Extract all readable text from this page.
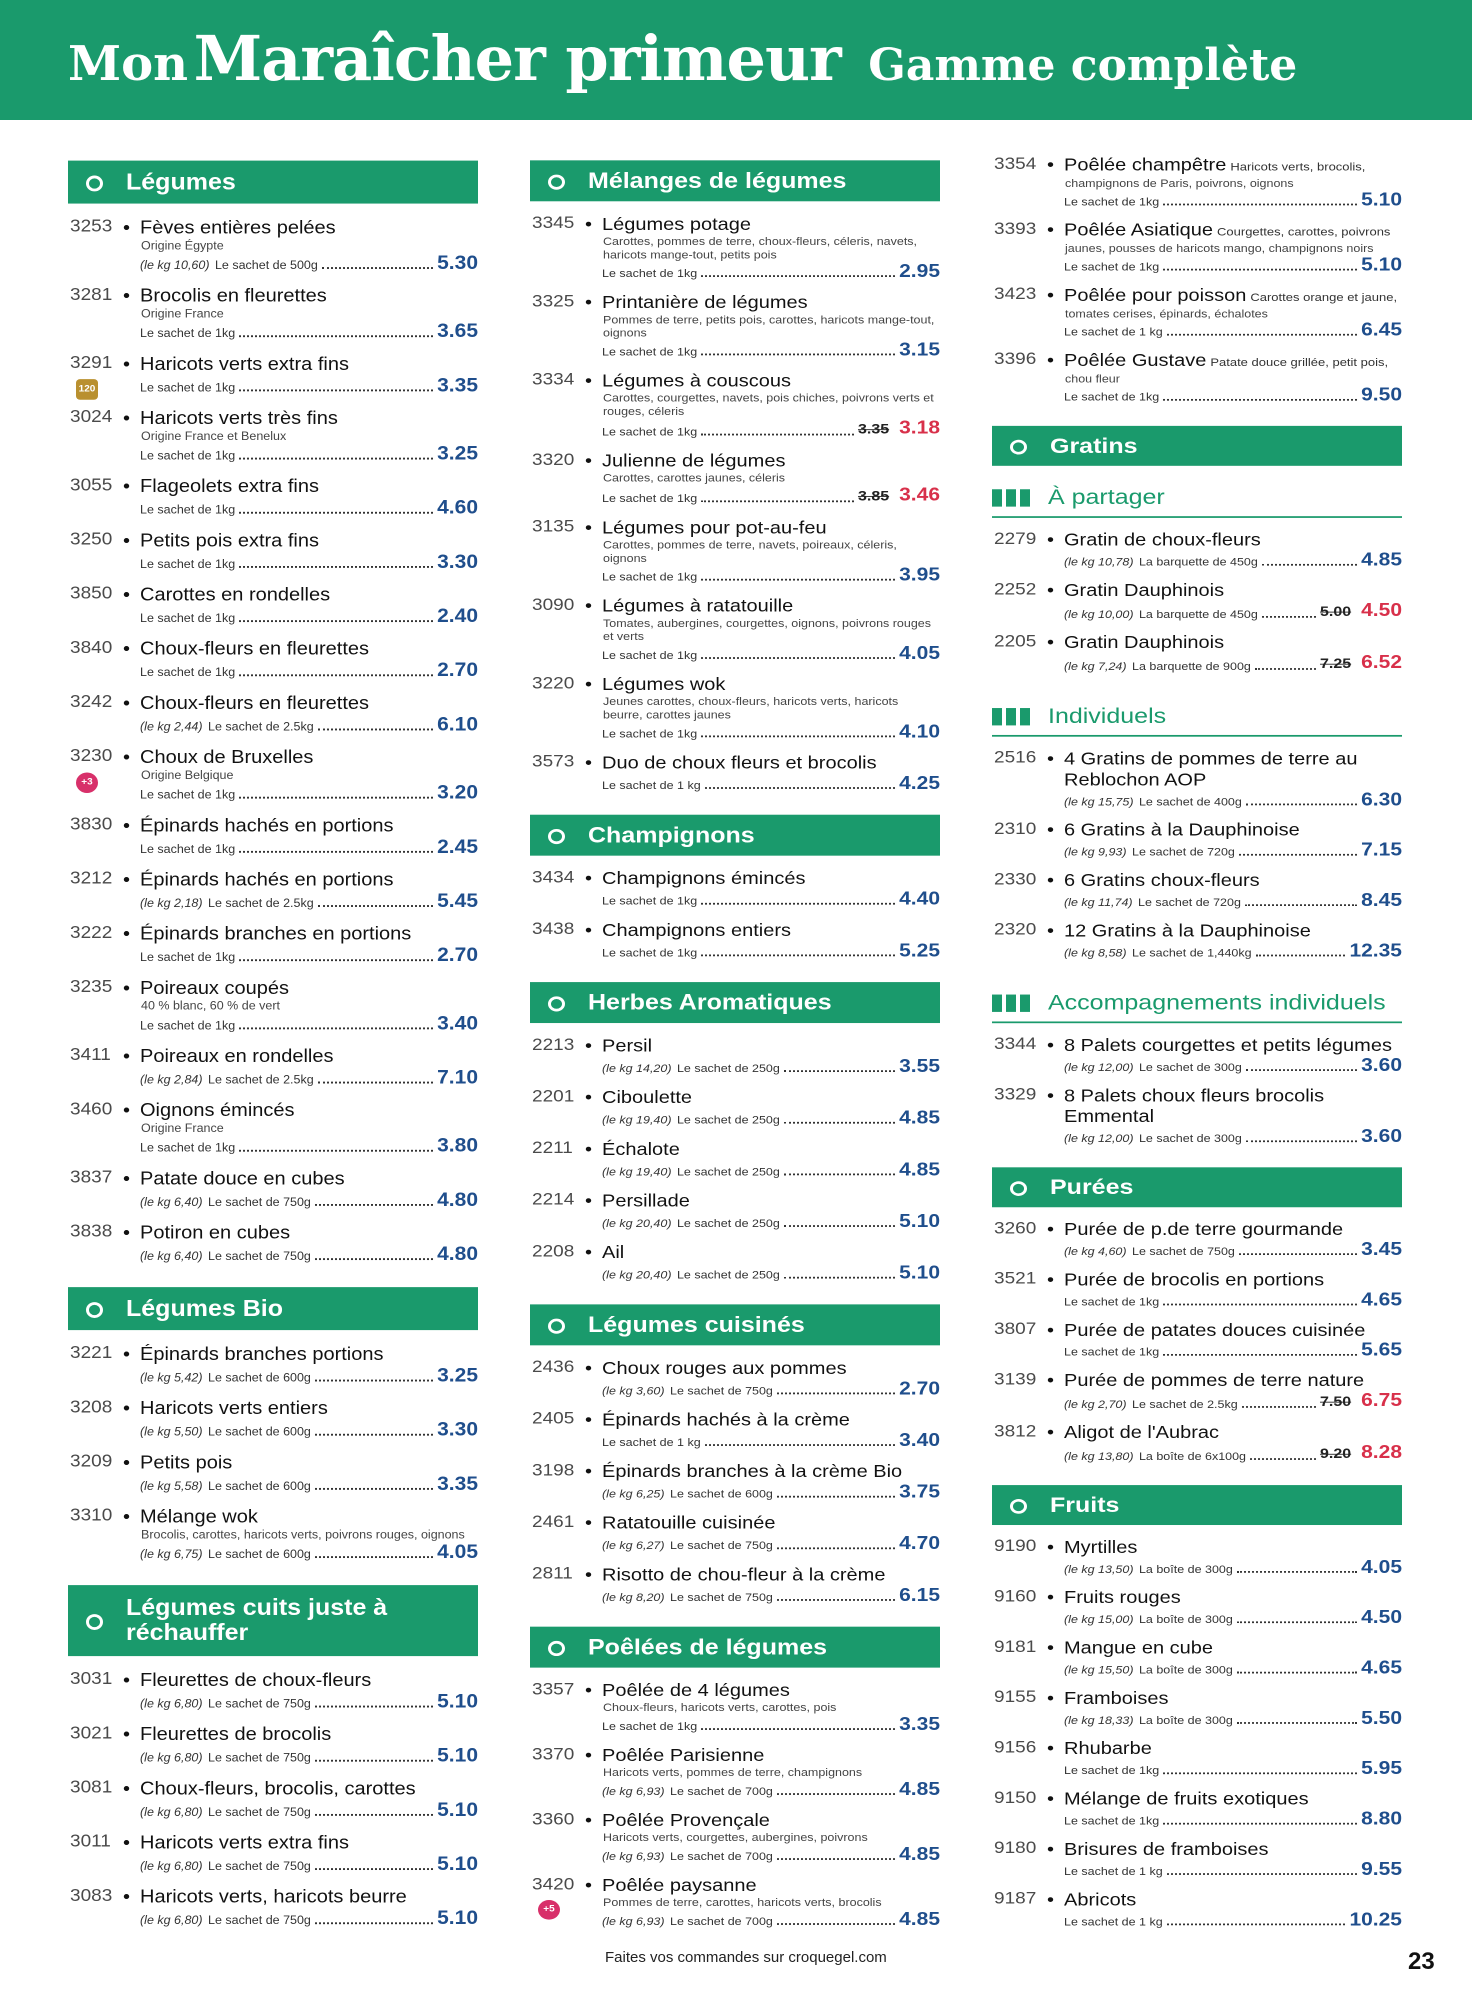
Mon Maraîcher primeur Gamme complète
Légumes
3253 • Fèves entières pelées
Origine Égypte
(le kg 10,60) Le sachet de 500g	5.30
3281 • Brocolis en fleurettes
Origine France
Le sachet de 1kg	3.65
3291
120
• Haricots verts extra fins
Le sachet de 1kg	3.35
3024 • Haricots verts très fins
Origine France et Benelux
Le sachet de 1kg	3.25
3055 • Flageolets extra fins
Le sachet de 1kg	4.60
3250 • Petits pois extra fins
Le sachet de 1kg	3.30
3850 • Carottes en rondelles
Le sachet de 1kg	2.40
3840 • Choux-fleurs en fleurettes
Le sachet de 1kg	2.70
3242 • Choux-fleurs en fleurettes
(le kg 2,44) Le sachet de 2.5kg	6.10
3230
+3
• Choux de Bruxelles
Origine Belgique
Le sachet de 1kg	3.20
3830 • Épinards hachés en portions
Le sachet de 1kg	2.45
3212 • Épinards hachés en portions
(le kg 2,18) Le sachet de 2.5kg	5.45
3222 • Épinards branches en portions
Le sachet de 1kg	2.70
3235 • Poireaux coupés
40 % blanc, 60 % de vert
Le sachet de 1kg	3.40
3411 • Poireaux en rondelles
(le kg 2,84) Le sachet de 2.5kg	7.10
3460 • Oignons émincés
Origine France
Le sachet de 1kg	3.80
3837 • Patate douce en cubes
(le kg 6,40) Le sachet de 750g	4.80
3838 • Potiron en cubes
(le kg 6,40) Le sachet de 750g	4.80
Légumes Bio
3221 • Épinards branches portions
(le kg 5,42) Le sachet de 600g	3.25
3208 • Haricots verts entiers
(le kg 5,50) Le sachet de 600g	3.30
3209 • Petits pois
(le kg 5,58) Le sachet de 600g	3.35
3310 • Mélange wok
Brocolis, carottes, haricots verts, poivrons rouges, oignons
(le kg 6,75) Le sachet de 600g	4.05
Légumes cuits juste à réchauffer
3031 • Fleurettes de choux-fleurs
(le kg 6,80) Le sachet de 750g	5.10
3021 • Fleurettes de brocolis
(le kg 6,80) Le sachet de 750g	5.10
3081 • Choux-fleurs, brocolis, carottes
(le kg 6,80) Le sachet de 750g	5.10
3011 • Haricots verts extra fins
(le kg 6,80) Le sachet de 750g	5.10
3083 • Haricots verts, haricots beurre
(le kg 6,80) Le sachet de 750g	5.10
Mélanges de légumes
3345 • Légumes potage
Carottes, pommes de terre, choux-fleurs, céleris, navets, haricots mange-tout, petits pois
Le sachet de 1kg	2.95
3325 • Printanière de légumes
Pommes de terre, petits pois, carottes, haricots mange-tout, oignons
Le sachet de 1kg	3.15
3334 • Légumes à couscous
Carottes, courgettes, navets, pois chiches, poivrons verts et rouges, céleris
Le sachet de 1kg	3.35 3.18
3320 • Julienne de légumes
Carottes, carottes jaunes, céleris
Le sachet de 1kg	3.85 3.46
3135 • Légumes pour pot-au-feu
Carottes, pommes de terre, navets, poireaux, céleris, oignons
Le sachet de 1kg	3.95
3090 • Légumes à ratatouille
Tomates, aubergines, courgettes, oignons, poivrons rouges et verts
Le sachet de 1kg	4.05
3220 • Légumes wok
Jeunes carottes, choux-fleurs, haricots verts, haricots beurre, carottes jaunes
Le sachet de 1kg	4.10
3573 • Duo de choux fleurs et brocolis
Le sachet de 1 kg	4.25
Champignons
3434 • Champignons émincés
Le sachet de 1kg	4.40
3438 • Champignons entiers
Le sachet de 1kg	5.25
Herbes Aromatiques
2213 • Persil
(le kg 14,20) Le sachet de 250g	3.55
2201 • Ciboulette
(le kg 19,40) Le sachet de 250g	4.85
2211 • Échalote
(le kg 19,40) Le sachet de 250g	4.85
2214 • Persillade
(le kg 20,40) Le sachet de 250g	5.10
2208 • Ail
(le kg 20,40) Le sachet de 250g	5.10
Légumes cuisinés
2436 • Choux rouges aux pommes
(le kg 3,60) Le sachet de 750g	2.70
2405 • Épinards hachés à la crème
Le sachet de 1 kg	3.40
3198 • Épinards branches à la crème Bio
(le kg 6,25) Le sachet de 600g	3.75
2461 • Ratatouille cuisinée
(le kg 6,27) Le sachet de 750g	4.70
2811 • Risotto de chou-fleur à la crème
(le kg 8,20) Le sachet de 750g	6.15
Poêlées de légumes
3357 • Poêlée de 4 légumes
Choux-fleurs, haricots verts, carottes, pois
Le sachet de 1kg	3.35
3370 • Poêlée Parisienne
Haricots verts, pommes de terre, champignons
(le kg 6,93) Le sachet de 700g	4.85
3360 • Poêlée Provençale
Haricots verts, courgettes, aubergines, poivrons
(le kg 6,93) Le sachet de 700g	4.85
3420
+5
• Poêlée paysanne
Pommes de terre, carottes, haricots verts, brocolis
(le kg 6,93) Le sachet de 700g	4.85
3354 • Poêlée champêtre Haricots verts, brocolis,
champignons de Paris, poivrons, oignons
Le sachet de 1kg	5.10
3393 • Poêlée Asiatique Courgettes, carottes, poivrons
jaunes, pousses de haricots mango, champignons noirs
Le sachet de 1kg	5.10
3423 • Poêlée pour poisson Carottes orange et jaune,
tomates cerises, épinards, échalotes
Le sachet de 1 kg	6.45
3396 • Poêlée Gustave Patate douce grillée, petit pois,
chou fleur
Le sachet de 1kg	9.50
Gratins
À partager
2279 • Gratin de choux-fleurs
(le kg 10,78) La barquette de 450g	4.85
2252 • Gratin Dauphinois
(le kg 10,00) La barquette de 450g	5.00 4.50
2205 • Gratin Dauphinois
(le kg 7,24) La barquette de 900g	7.25 6.52
Individuels
2516 • 4 Gratins de pommes de terre au Reblochon AOP
(le kg 15,75) Le sachet de 400g	6.30
2310 • 6 Gratins à la Dauphinoise
(le kg 9,93) Le sachet de 720g	7.15
2330 • 6 Gratins choux-fleurs
(le kg 11,74) Le sachet de 720g	8.45
2320 • 12 Gratins à la Dauphinoise
(le kg 8,58) Le sachet de 1,440kg	12.35
Accompagnements individuels
3344 • 8 Palets courgettes et petits légumes
(le kg 12,00) Le sachet de 300g	3.60
3329 • 8 Palets choux fleurs brocolis Emmental
(le kg 12,00) Le sachet de 300g	3.60
Purées
3260 • Purée de p.de terre gourmande
(le kg 4,60) Le sachet de 750g	3.45
3521 • Purée de brocolis en portions
Le sachet de 1kg	4.65
3807 • Purée de patates douces cuisinée
Le sachet de 1kg	5.65
3139 • Purée de pommes de terre nature
(le kg 2,70) Le sachet de 2.5kg	7.50 6.75
3812 • Aligot de l'Aubrac
(le kg 13,80) La boîte de 6x100g	9.20 8.28
Fruits
9190 • Myrtilles
(le kg 13,50) La boîte de 300g	4.05
9160 • Fruits rouges
(le kg 15,00) La boîte de 300g	4.50
9181 • Mangue en cube
(le kg 15,50) La boîte de 300g	4.65
9155 • Framboises
(le kg 18,33) La boîte de 300g	5.50
9156 • Rhubarbe
Le sachet de 1kg	5.95
9150 • Mélange de fruits exotiques
Le sachet de 1kg	8.80
9180 • Brisures de framboises
Le sachet de 1 kg	9.55
9187 • Abricots
Le sachet de 1 kg	10.25
Faites vos commandes sur croquegel.com	23
